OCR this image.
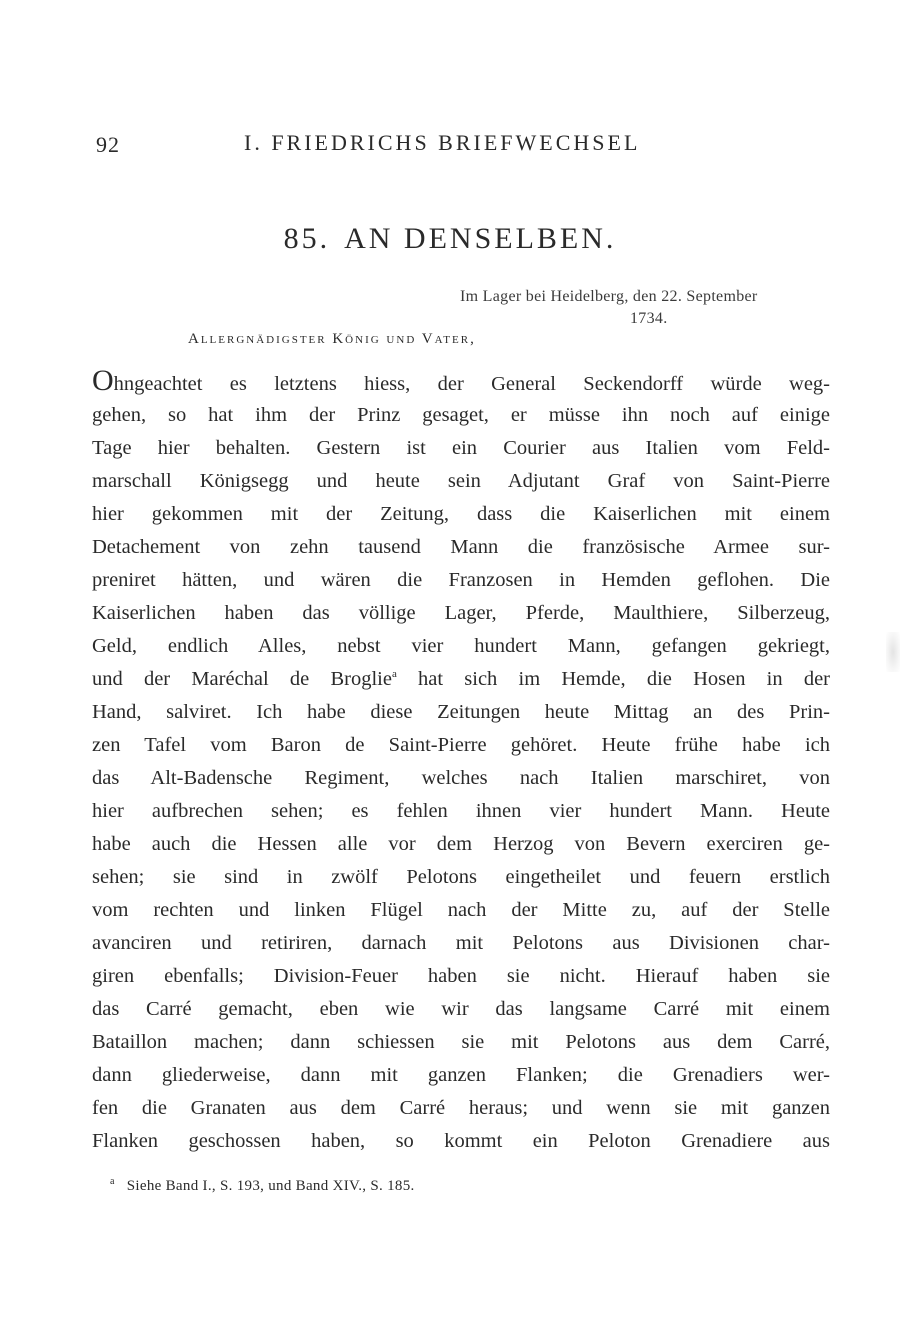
92	I. FRIEDRICHS BRIEFWECHSEL
85. AN DENSELBEN.
Im Lager bei Heidelberg, den 22. September
1734.
Allergnädigster König und Vater,
Ohngeachtet es letztens hiess, der General Seckendorff würde weg-
gehen, so hat ihm der Prinz gesaget, er müsse ihn noch auf einige
Tage hier behalten. Gestern ist ein Courier aus Italien vom Feld-
marschall Königsegg und heute sein Adjutant Graf von Saint-Pierre
hier gekommen mit der Zeitung, dass die Kaiserlichen mit einem
Detachement von zehn tausend Mann die französische Armee sur-
preniret hätten, und wären die Franzosen in Hemden geflohen. Die
Kaiserlichen haben das völlige Lager, Pferde, Maulthiere, Silberzeug,
Geld, endlich Alles, nebst vier hundert Mann, gefangen gekriegt,
und der Maréchal de Broglie$^a$ hat sich im Hemde, die Hosen in der
Hand, salviret. Ich habe diese Zeitungen heute Mittag an des Prin-
zen Tafel vom Baron de Saint-Pierre gehöret. Heute frühe habe ich
das Alt-Badensche Regiment, welches nach Italien marschiret, von
hier aufbrechen sehen; es fehlen ihnen vier hundert Mann. Heute
habe auch die Hessen alle vor dem Herzog von Bevern exerciren ge-
sehen; sie sind in zwölf Pelotons eingetheilet und feuern erstlich
vom rechten und linken Flügel nach der Mitte zu, auf der Stelle
avanciren und retiriren, darnach mit Pelotons aus Divisionen char-
giren ebenfalls; Division-Feuer haben sie nicht. Hierauf haben sie
das Carré gemacht, eben wie wir das langsame Carré mit einem
Bataillon machen; dann schiessen sie mit Pelotons aus dem Carré,
dann gliederweise, dann mit ganzen Flanken; die Grenadiers wer-
fen die Granaten aus dem Carré heraus; und wenn sie mit ganzen
Flanken geschossen haben, so kommt ein Peloton Grenadiere aus
$^a$ Siehe Band I., S. 193, und Band XIV., S. 185.
